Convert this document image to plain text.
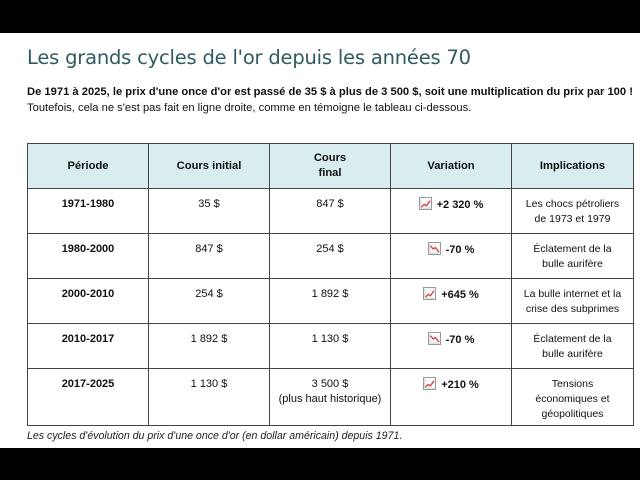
Les grands cycles de l'or depuis les années 70

De 1971 à 2025, le prix d'une once d'or est passé de 35 $ à plus de 3 500 $, soit une multiplication du prix par 100 ! Toutefois, cela ne s'est pas fait en ligne droite, comme en témoigne le tableau ci-dessous.

Période	Cours initial	Cours
final	Variation	Implications
1971-1980	35 $	847 $	+2 320 %	Les chocs pétroliers
de 1973 et 1979
1980-2000	847 $	254 $	-70 %	Éclatement de la
bulle aurifère
2000-2010	254 $	1 892 $	+645 %	La bulle internet et la
crise des subprimes
2010-2017	1 892 $	1 130 $	-70 %	Éclatement de la
bulle aurifère
2017-2025	1 130 $	3 500 $
(plus haut historique)	+210 %	Tensions
économiques et
géopolitiques

Les cycles d'évolution du prix d'une once d'or (en dollar américain) depuis 1971.
